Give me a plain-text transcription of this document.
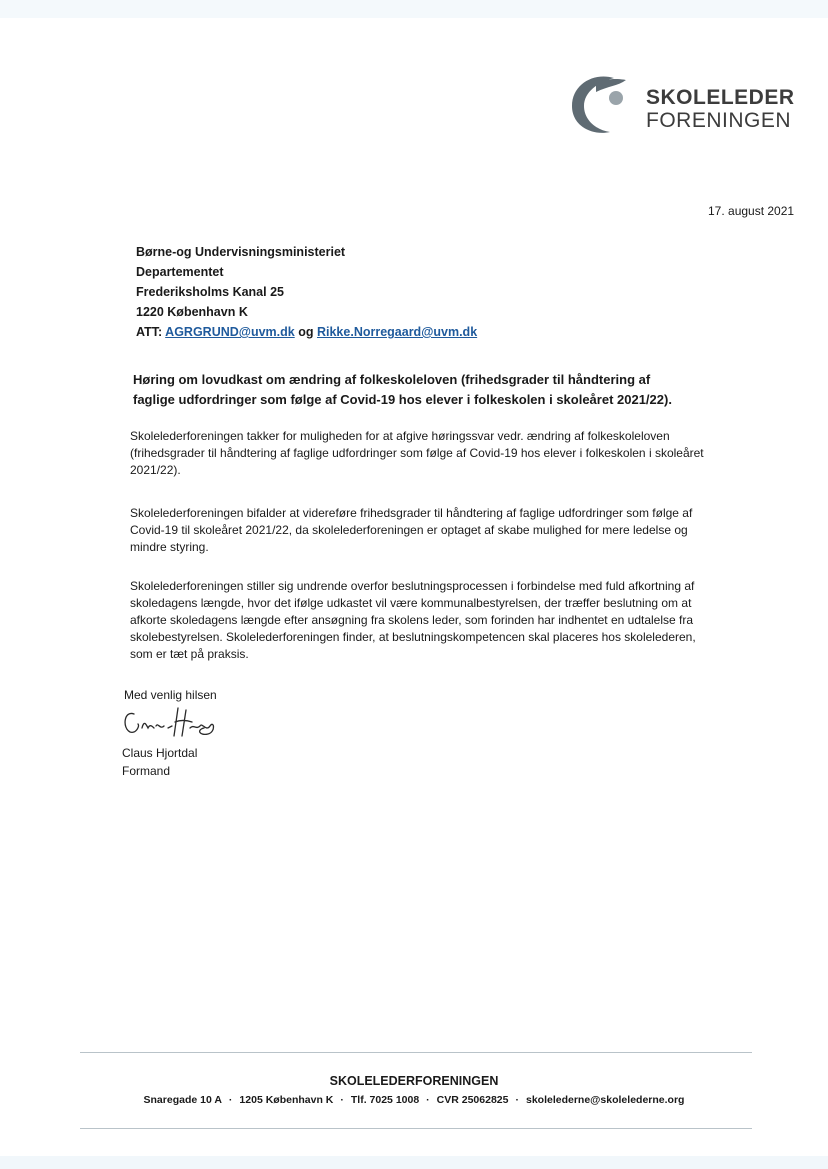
SKOLELEDER
FORENINGEN
17. august 2021
Børne-og Undervisningsministeriet
Departementet
Frederiksholms Kanal 25
1220 København K
ATT: AGRGRUND@uvm.dk og Rikke.Norregaard@uvm.dk
Høring om lovudkast om ændring af folkeskoleloven (frihedsgrader til håndtering af faglige udfordringer som følge af Covid-19 hos elever i folkeskolen i skoleåret 2021/22).
Skolelederforeningen takker for muligheden for at afgive høringssvar vedr. ændring af folkeskoleloven (frihedsgrader til håndtering af faglige udfordringer som følge af Covid-19 hos elever i folkeskolen i skoleåret 2021/22).
Skolelederforeningen bifalder at videreføre frihedsgrader til håndtering af faglige udfordringer som følge af Covid-19 til skoleåret 2021/22, da skolelederforeningen er optaget af skabe mulighed for mere ledelse og mindre styring.
Skolelederforeningen stiller sig undrende overfor beslutningsprocessen i forbindelse med fuld afkortning af skoledagens længde, hvor det ifølge udkastet vil være kommunalbestyrelsen, der træffer beslutning om at afkorte skoledagens længde efter ansøgning fra skolens leder, som forinden har indhentet en udtalelse fra skolebestyrelsen. Skolelederforeningen finder, at beslutningskompetencen skal placeres hos skolelederen, som er tæt på praksis.
Med venlig hilsen
Claus Hjortdal
Formand
SKOLELEDERFORENINGEN
Snaregade 10 A · 1205 København K · Tlf. 7025 1008 · CVR 25062825 · skolelederne@skolelederne.org
